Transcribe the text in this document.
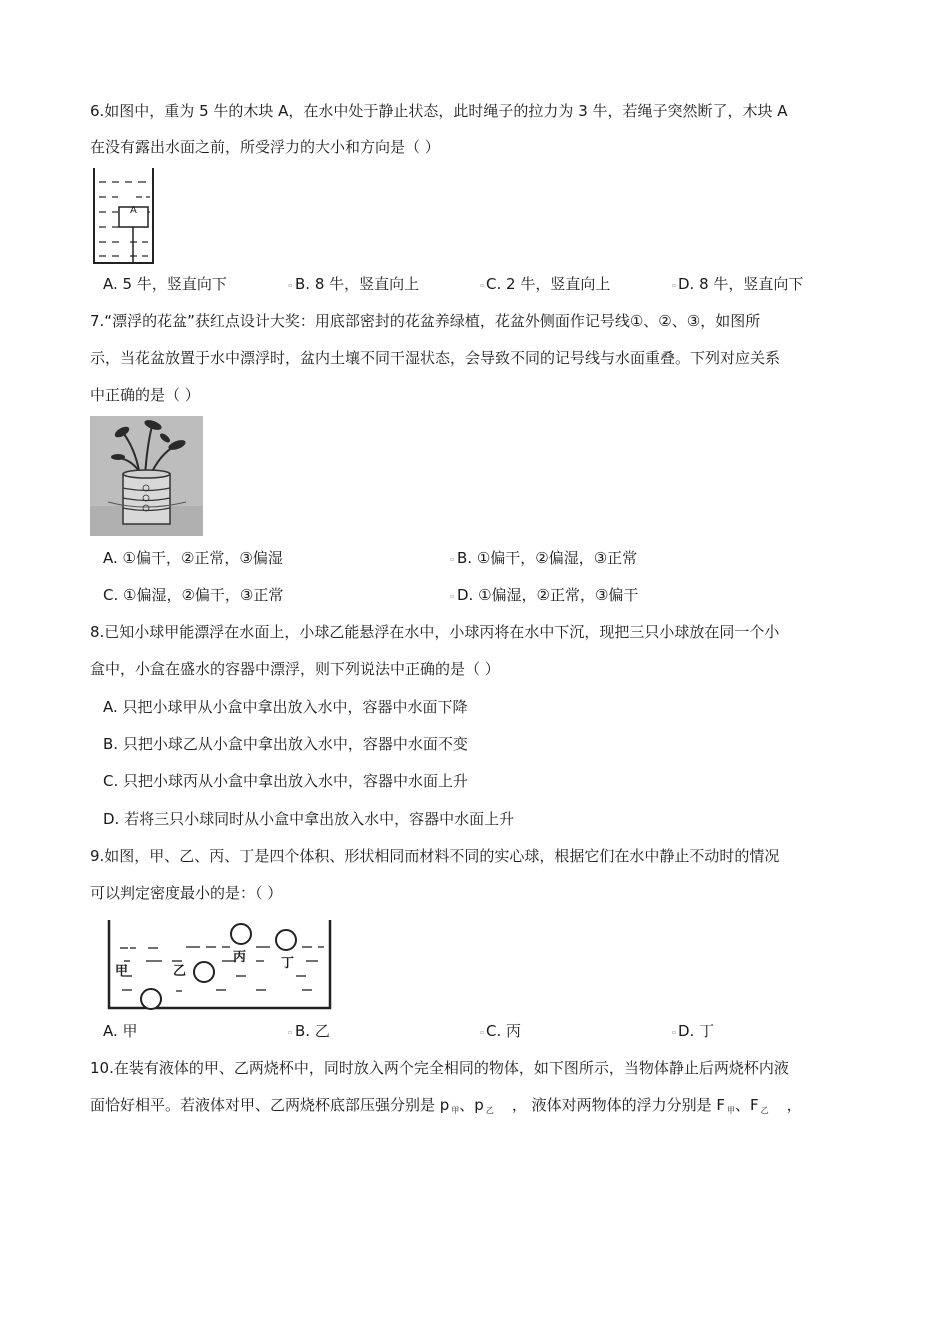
6.如图中，重为 5 牛的木块 A，在水中处于静止状态，此时绳子的拉力为 3 牛，若绳子突然断了，木块 A
在没有露出水面之前，所受浮力的大小和方向是（ ）
A
A. 5 牛，竖直向下	▫ B. 8 牛，竖直向上	▫ C. 2 牛，竖直向上	▫ D. 8 牛，竖直向下
7.“漂浮的花盆”获红点设计大奖：用底部密封的花盆养绿植，花盆外侧面作记号线①、②、③，如图所
示，当花盆放置于水中漂浮时，盆内土壤不同干湿状态，会导致不同的记号线与水面重叠。下列对应关系
中正确的是（ ）
A. ①偏干，②正常，③偏湿	▫ B. ①偏干，②偏湿，③正常
C. ①偏湿，②偏干，③正常	▫ D. ①偏湿，②正常，③偏干
8.已知小球甲能漂浮在水面上，小球乙能悬浮在水中，小球丙将在水中下沉，现把三只小球放在同一个小
盒中，小盒在盛水的容器中漂浮，则下列说法中正确的是（ ）
A. 只把小球甲从小盒中拿出放入水中，容器中水面下降
B. 只把小球乙从小盒中拿出放入水中，容器中水面不变
C. 只把小球丙从小盒中拿出放入水中，容器中水面上升
D. 若将三只小球同时从小盒中拿出放入水中，容器中水面上升
9.如图，甲、乙、丙、丁是四个体积、形状相同而材料不同的实心球，根据它们在水中静止不动时的情况
可以判定密度最小的是：（ ）
甲	乙
丙	丁
A. 甲	▫ B. 乙	▫ C. 丙	▫ D. 丁
10.在装有液体的甲、乙两烧杯中，同时放入两个完全相同的物体，如下图所示，当物体静止后两烧杯内液
面恰好相平。若液体对甲、乙两烧杯底部压强分别是 p $_甲$、p $_乙$ ， 液体对两物体的浮力分别是 F $_甲$、F $_乙$ ，
